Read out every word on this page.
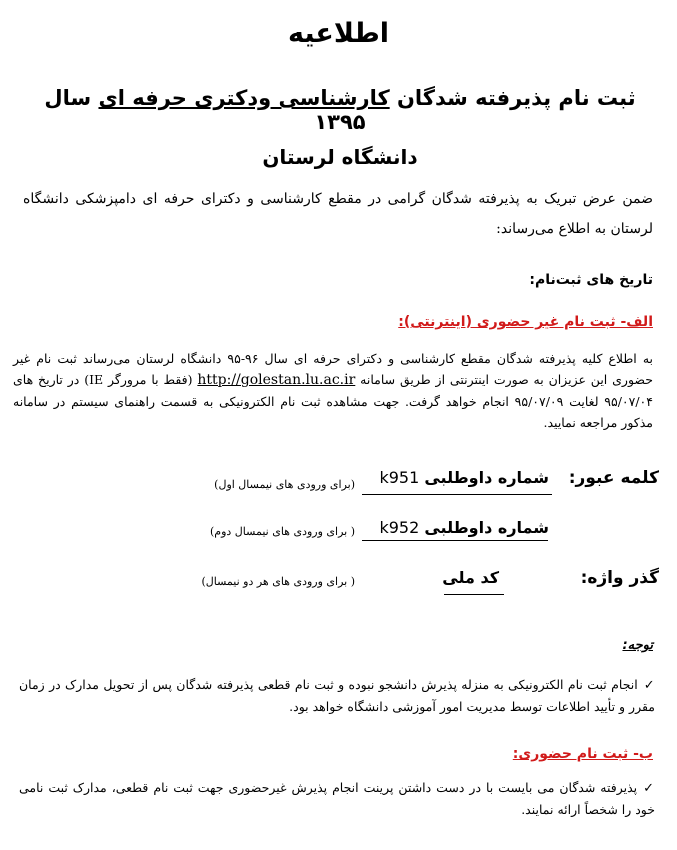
اطلاعیه
ثبت نام پذیرفته شدگان کارشناسی ودکتری حرفه ای سال ۱۳۹۵
دانشگاه لرستان
ضمن عرض تبریک به پذیرفته شدگان گرامی در مقطع کارشناسی و دکترای حرفه ای دامپزشکی دانشگاه لرستان به اطلاع می‌رساند:
تاریخ های ثبت‌نام:
الف- ثبت نام غیر حضوری (اینترنتی):
به اطلاع کلیه پذیرفته شدگان مقطع کارشناسی و دکترای حرفه ای سال ۹۶-۹۵ دانشگاه لرستان می‌رساند ثبت نام غیر حضوری این عزیزان به صورت اینترنتی از طریق سامانه http://golestan.lu.ac.ir (فقط با مرورگر IE) در تاریخ های ۹۵/۰۷/۰۴ لغایت ۹۵/۰۷/۰۹ انجام خواهد گرفت. جهت مشاهده ثبت نام الکترونیکی به قسمت راهنمای سیستم در سامانه مذکور مراجعه نمایید.
کلمه عبور:
شماره داوطلبی k951
(برای ورودی های نیمسال اول)
شماره داوطلبی k952
( برای ورودی های نیمسال دوم)
گذر واژه:
کد ملی
( برای ورودی های هر دو نیمسال)
توجه:
✓انجام ثبت نام الکترونیکی به منزله پذیرش دانشجو نبوده و ثبت نام قطعی پذیرفته شدگان پس از تحویل مدارک در زمان مقرر و تأیید اطلاعات توسط مدیریت امور آموزشی دانشگاه خواهد بود.
ب- ثبت نام حضوری:
✓پذیرفته شدگان می بایست با در دست داشتن پرینت انجام پذیرش غیرحضوری جهت ثبت نام قطعی، مدارک ثبت نامی خود را شخصاً ارائه نمایند.
